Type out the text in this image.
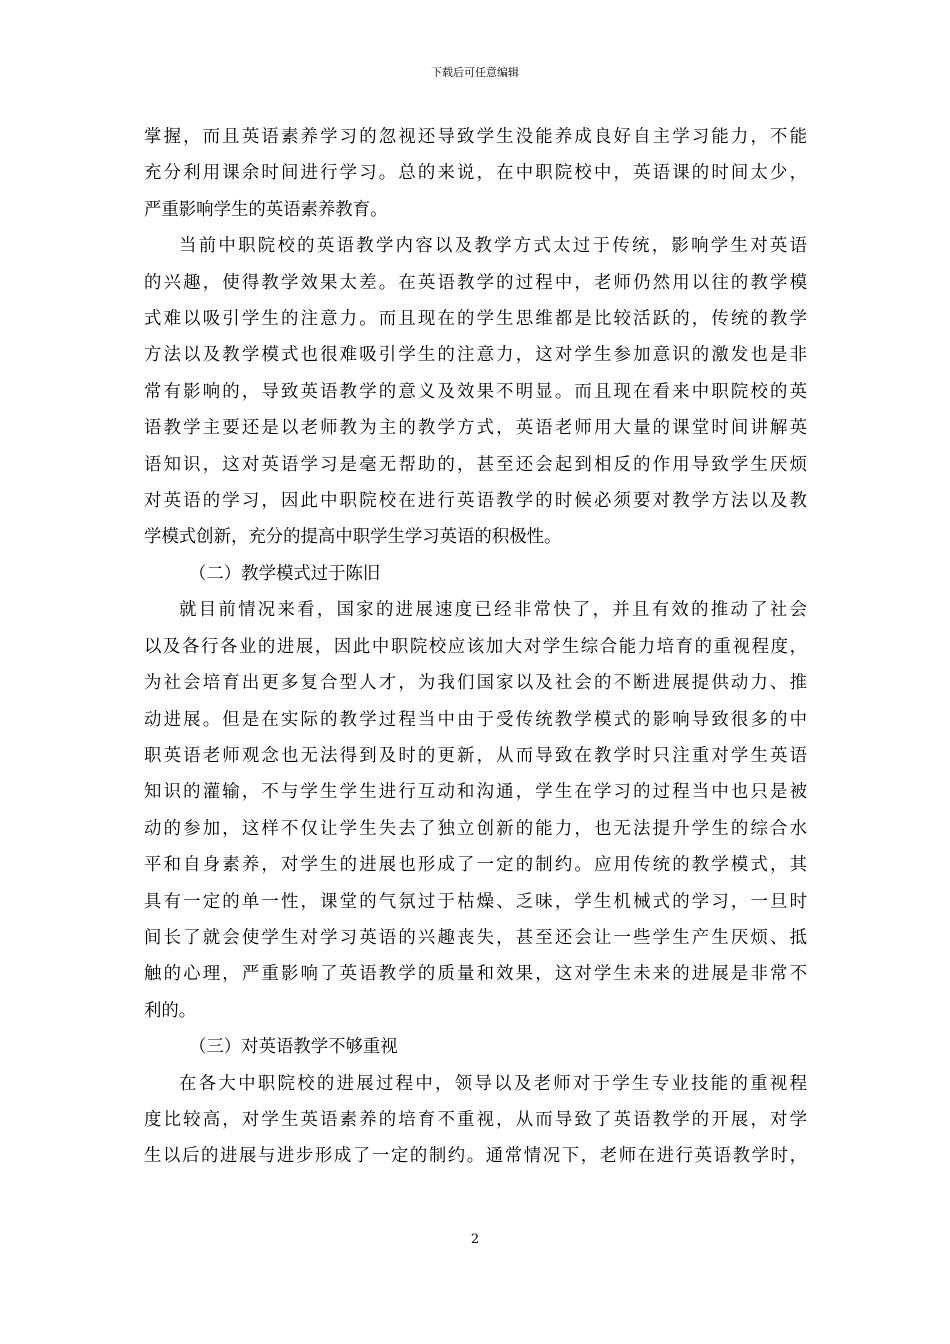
下载后可任意编辑

掌握，而且英语素养学习的忽视还导致学生没能养成良好自主学习能力，不能

充分利用课余时间进行学习。总的来说，在中职院校中，英语课的时间太少，

严重影响学生的英语素养教育。

当前中职院校的英语教学内容以及教学方式太过于传统，影响学生对英语

的兴趣，使得教学效果太差。在英语教学的过程中，老师仍然用以往的教学模

式难以吸引学生的注意力。而且现在的学生思维都是比较活跃的，传统的教学

方法以及教学模式也很难吸引学生的注意力，这对学生参加意识的激发也是非

常有影响的，导致英语教学的意义及效果不明显。而且现在看来中职院校的英

语教学主要还是以老师教为主的教学方式，英语老师用大量的课堂时间讲解英

语知识，这对英语学习是毫无帮助的，甚至还会起到相反的作用导致学生厌烦

对英语的学习，因此中职院校在进行英语教学的时候必须要对教学方法以及教

学模式创新，充分的提高中职学生学习英语的积极性。

（二）教学模式过于陈旧

就目前情况来看，国家的进展速度已经非常快了，并且有效的推动了社会

以及各行各业的进展，因此中职院校应该加大对学生综合能力培育的重视程度，

为社会培育出更多复合型人才，为我们国家以及社会的不断进展提供动力、推

动进展。但是在实际的教学过程当中由于受传统教学模式的影响导致很多的中

职英语老师观念也无法得到及时的更新，从而导致在教学时只注重对学生英语

知识的灌输，不与学生学生进行互动和沟通，学生在学习的过程当中也只是被

动的参加，这样不仅让学生失去了独立创新的能力，也无法提升学生的综合水

平和自身素养，对学生的进展也形成了一定的制约。应用传统的教学模式，其

具有一定的单一性，课堂的气氛过于枯燥、乏味，学生机械式的学习，一旦时

间长了就会使学生对学习英语的兴趣丧失，甚至还会让一些学生产生厌烦、抵

触的心理，严重影响了英语教学的质量和效果，这对学生未来的进展是非常不

利的。

（三）对英语教学不够重视

在各大中职院校的进展过程中，领导以及老师对于学生专业技能的重视程

度比较高，对学生英语素养的培育不重视，从而导致了英语教学的开展，对学

生以后的进展与进步形成了一定的制约。通常情况下，老师在进行英语教学时，

2
